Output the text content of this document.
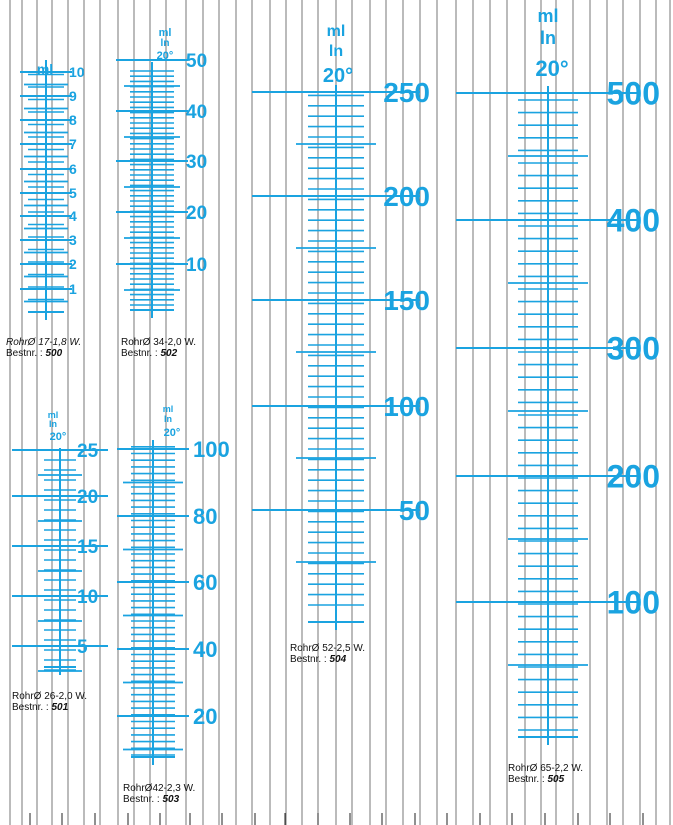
1
2
3
4
5
6
7
8
9
10
ml
10
20
30
40
50
ml
ln
20°
5
10
15
20
25
ml
ln
20°
20
40
60
80
100
ml
ln
20°
50
100
150
200
250
ml
ln
20°
100
200
300
400
500
ml
ln
20°
RohrØ 17-1,8 W.
Bestnr. : 500
RohrØ 34-2,0 W.
Bestnr. : 502
RohrØ 26-2,0 W.
Bestnr. : 501
RohrØ42-2,3 W.
Bestnr. : 503
RohrØ 52-2,5 W.
Bestnr. : 504
RohrØ 65-2,2 W.
Bestnr. : 505
